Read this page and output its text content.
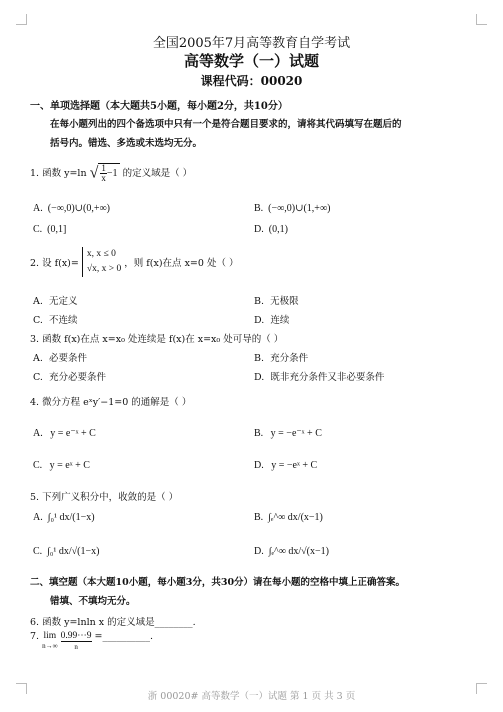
全国2005年7月高等教育自学考试
高等数学（一）试题
课程代码：00020
一、单项选择题（本大题共5小题，每小题2分，共10分）
在每小题列出的四个备选项中只有一个是符合题目要求的，请将其代码填写在题后的
括号内。错选、多选或未选均无分。
1. 函数 y=ln √ $\frac{1}{x} -1$ 的定义域是（ ）
A. (−∞,0)∪(0,+∞)	B. (−∞,0)∪(1,+∞)
C. (0,1]	D. (0,1)
2. 设 f(x)=
x, x ≤ 0
√x, x > 0 ，则 f(x)在点 x=0 处（ ）
A. 无定义	B. 无极限
C. 不连续	D. 连续
3. 函数 f(x)在点 x=x₀ 处连续是 f(x)在 x=x₀ 处可导的（ ）
A. 必要条件	B. 充分条件
C. 充分必要条件	D. 既非充分条件又非必要条件
4. 微分方程 eˣy′−1=0 的通解是（ ）
A. y = e⁻ˣ + C	B. y = −e⁻ˣ + C
C. y = eˣ + C	D. y = −eˣ + C
5. 下列广义积分中，收敛的是（ ）
A. ∫₀¹ dx/(1−x)	B. ∫ₑ^∞ dx/(x−1)
C. ∫₀¹ dx/√(1−x)	D. ∫ₑ^∞ dx/√(x−1)
二、填空题（本大题10小题，每小题3分，共30分）请在每小题的空格中填上正确答案。
错填、不填均无分。
6. 函数 y=lnln x 的定义域是________.
7. lim
n→∞

0.99⋯9
n
=__________.
浙 00020# 高等数学（一）试题 第 1 页 共 3 页
